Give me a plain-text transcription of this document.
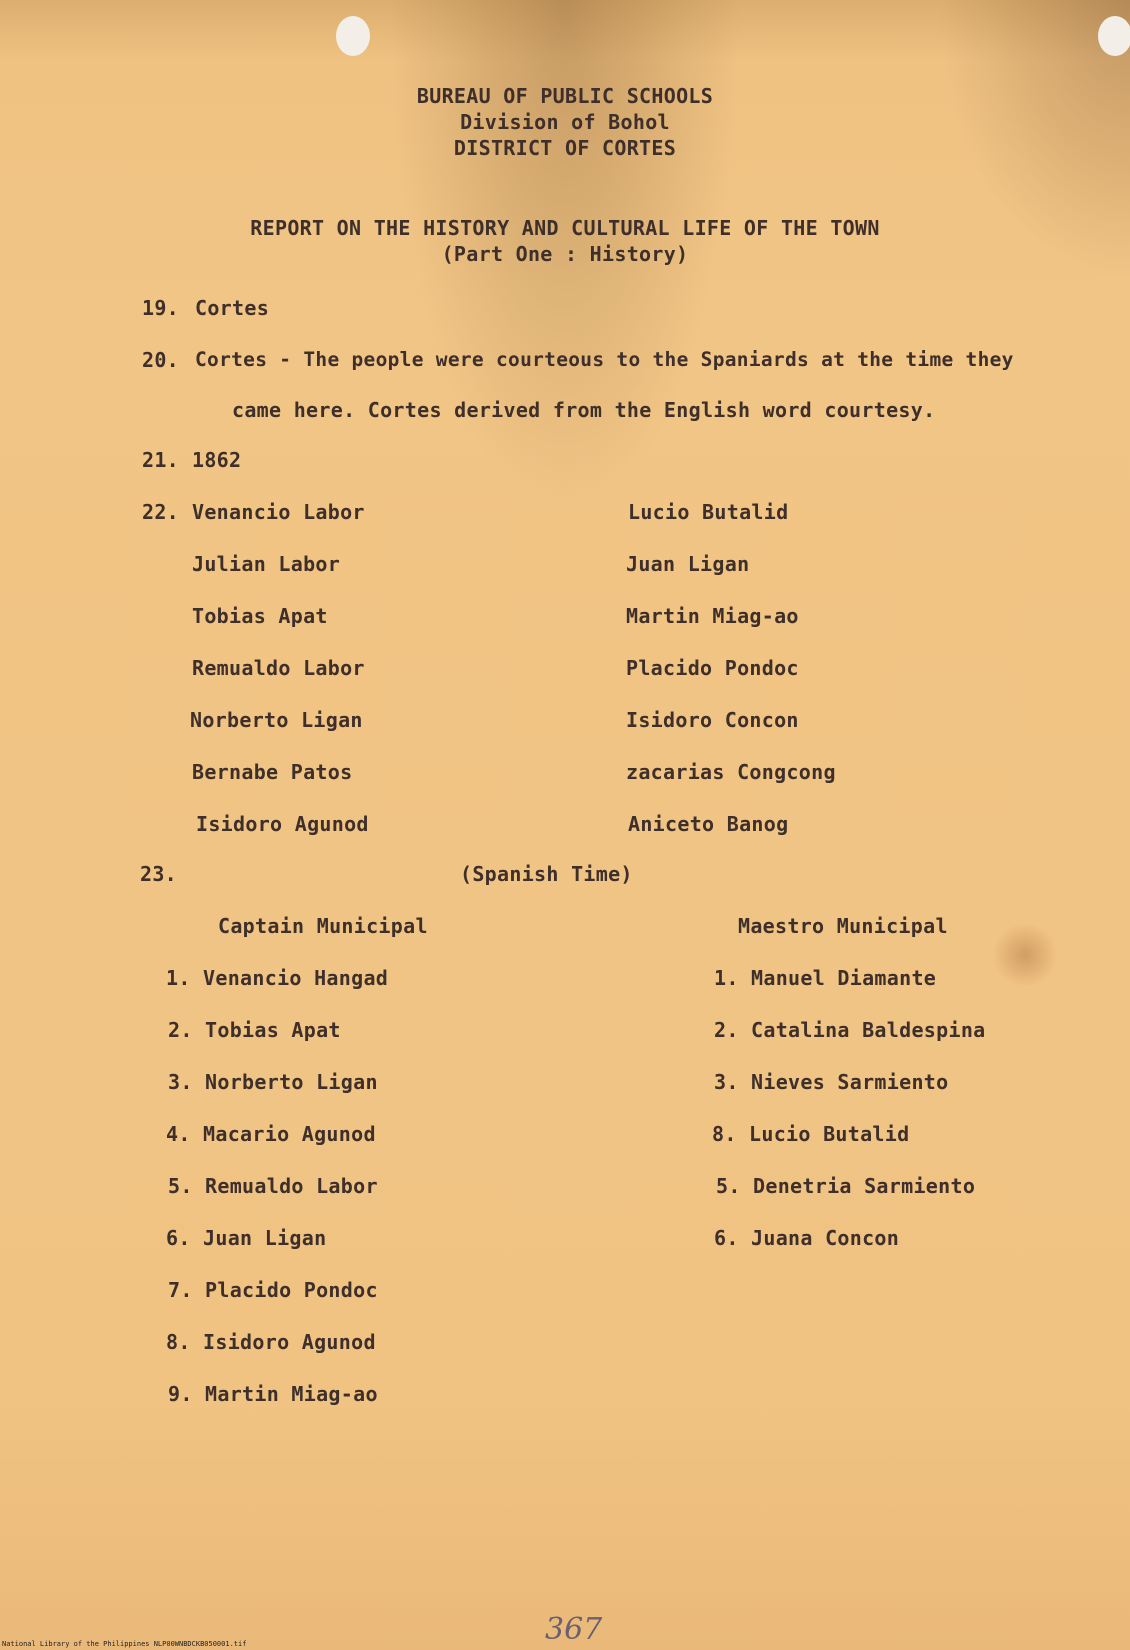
BUREAU OF PUBLIC SCHOOLS
Division of Bohol
DISTRICT OF CORTES
REPORT ON THE HISTORY AND CULTURAL LIFE OF THE TOWN
(Part One : History)
19. Cortes
20. Cortes - The people were courteous to the Spaniards at the time they
came here. Cortes derived from the English word courtesy.
21. 1862
22. Venancio Labor
Julian Labor
Tobias Apat
Remualdo Labor
Norberto Ligan
Bernabe Patos
Isidoro Agunod
Lucio Butalid
Juan Ligan
Martin Miag-ao
Placido Pondoc
Isidoro Concon
zacarias Congcong
Aniceto Banog
23.	(Spanish Time)
Captain Municipal	Maestro Municipal
1. Venancio Hangad
2. Tobias Apat
3. Norberto Ligan
4. Macario Agunod
5. Remualdo Labor
6. Juan Ligan
7. Placido Pondoc
8. Isidoro Agunod
9. Martin Miag-ao
1. Manuel Diamante
2. Catalina Baldespina
3. Nieves Sarmiento
8. Lucio Butalid
5. Denetria Sarmiento
6. Juana Concon
367
National Library of the Philippines NLP00WNBDCKB050001.tif
